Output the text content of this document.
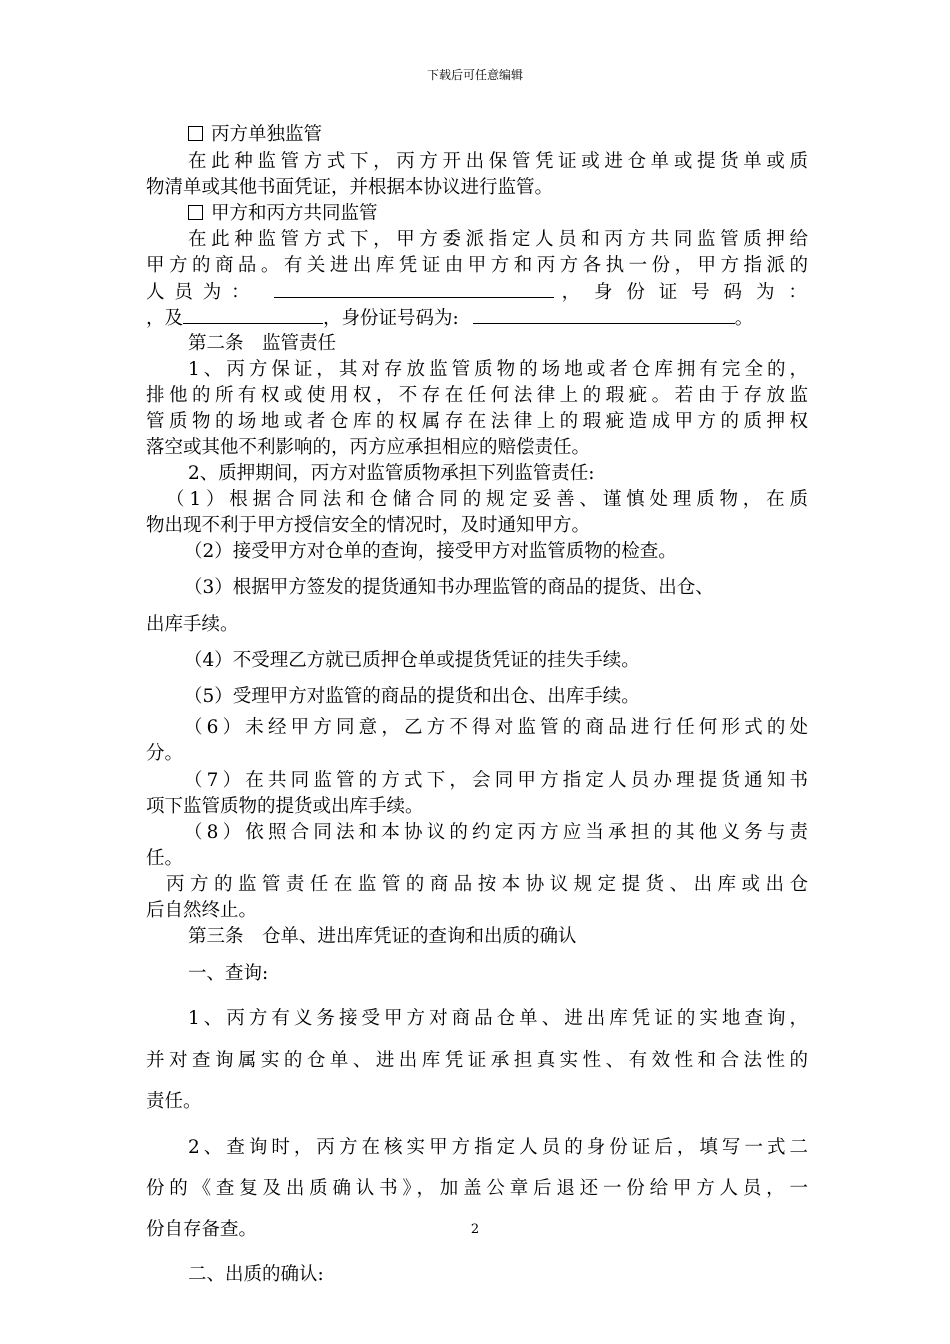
下载后可任意编辑
丙方单独监管
在此种监管方式下，丙方开出保管凭证或进仓单或提货单或质
物清单或其他书面凭证，并根据本协议进行监管。
甲方和丙方共同监管
在此种监管方式下，甲方委派指定人员和丙方共同监管质押给
甲方的商品。有关进出库凭证由甲方和丙方各执一份，甲方指派的
人 员 为 ：	， 身 份 证 号 码 为 ：
，及	，身份证号码为:	。
第二条　监管责任
1、丙方保证，其对存放监管质物的场地或者仓库拥有完全的，
排他的所有权或使用权，不存在任何法律上的瑕疵。若由于存放监
管质物的场地或者仓库的权属存在法律上的瑕疵造成甲方的质押权
落空或其他不利影响的，丙方应承担相应的赔偿责任。
2、质押期间，丙方对监管质物承担下列监管责任:
（1）根据合同法和仓储合同的规定妥善、谨慎处理质物，在质
物出现不利于甲方授信安全的情况时，及时通知甲方。
（2）接受甲方对仓单的查询，接受甲方对监管质物的检查。
（3）根据甲方签发的提货通知书办理监管的商品的提货、出仓、
出库手续。
（4）不受理乙方就已质押仓单或提货凭证的挂失手续。
（5）受理甲方对监管的商品的提货和出仓、出库手续。
（6）未经甲方同意，乙方不得对监管的商品进行任何形式的处
分。
（7）在共同监管的方式下，会同甲方指定人员办理提货通知书
项下监管质物的提货或出库手续。
（8）依照合同法和本协议的约定丙方应当承担的其他义务与责
任。
丙方的监管责任在监管的商品按本协议规定提货、出库或出仓
后自然终止。
第三条　仓单、进出库凭证的查询和出质的确认
一、查询:
1、丙方有义务接受甲方对商品仓单、进出库凭证的实地查询，
并对查询属实的仓单、进出库凭证承担真实性、有效性和合法性的
责任。
2、查询时，丙方在核实甲方指定人员的身份证后，填写一式二
份的《查复及出质确认书》，加盖公章后退还一份给甲方人员，一
份自存备查。
二、出质的确认:
2
